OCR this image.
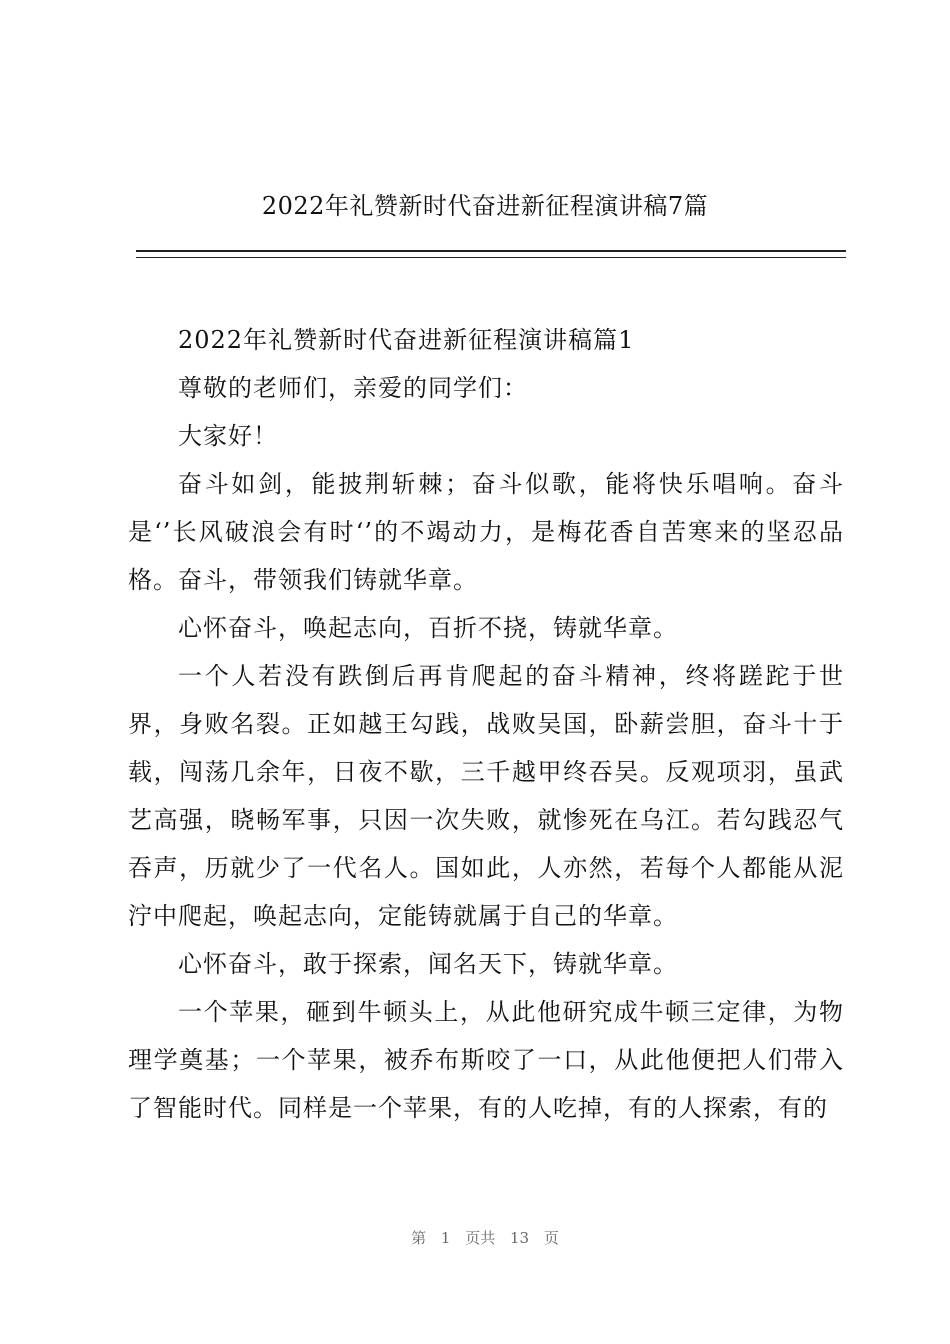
2022年礼赞新时代奋进新征程演讲稿7篇

2022年礼赞新时代奋进新征程演讲稿篇1

尊敬的老师们，亲爱的同学们：

大家好！

奋斗如剑，能披荆斩棘；奋斗似歌，能将快乐唱响。奋斗是‘’长风破浪会有时‘’的不竭动力，是梅花香自苦寒来的坚忍品格。奋斗，带领我们铸就华章。

心怀奋斗，唤起志向，百折不挠，铸就华章。

一个人若没有跌倒后再肯爬起的奋斗精神，终将蹉跎于世界，身败名裂。正如越王勾践，战败吴国，卧薪尝胆，奋斗十于载，闯荡几余年，日夜不歇，三千越甲终吞吴。反观项羽，虽武艺高强，晓畅军事，只因一次失败，就惨死在乌江。若勾践忍气吞声，历就少了一代名人。国如此，人亦然，若每个人都能从泥泞中爬起，唤起志向，定能铸就属于自己的华章。

心怀奋斗，敢于探索，闻名天下，铸就华章。

一个苹果，砸到牛顿头上，从此他研究成牛顿三定律，为物理学奠基；一个苹果，被乔布斯咬了一口，从此他便把人们带入了智能时代。同样是一个苹果，有的人吃掉，有的人探索，有的

第 1 页共 13 页
